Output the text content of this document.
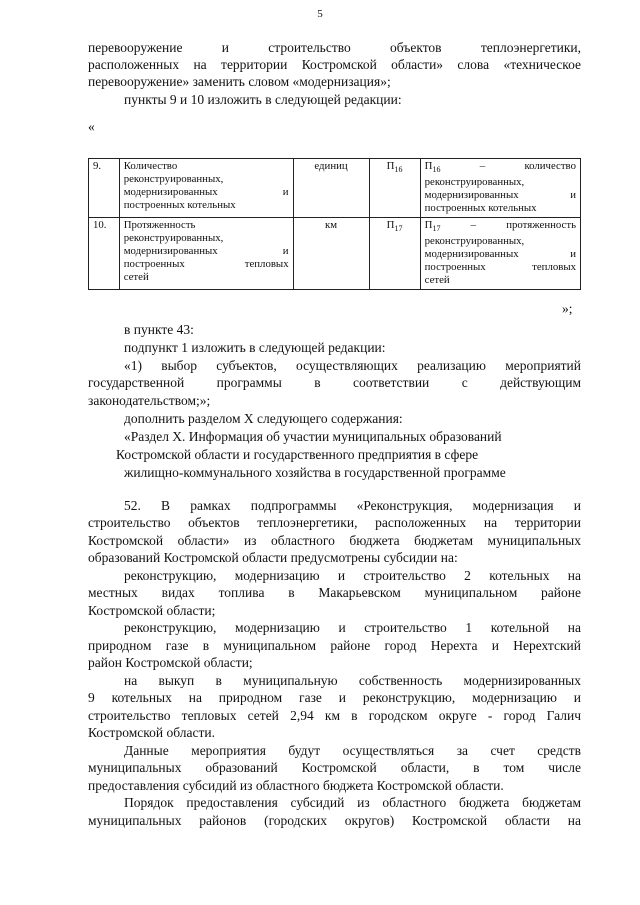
5
перевооружение и строительство объектов теплоэнергетики,
расположенных на территории Костромской области» слова «техническое
перевооружение» заменить словом «модернизация»;
пункты 9 и 10 изложить в следующей редакции:
«
9.	Количество
реконструированных,
модернизированных и
построенных котельных	единиц	$П_{16}$	$П_{16}$ – количество
реконструированных,
модернизированных и
построенных котельных

10.	Протяженность
реконструированных,
модернизированных и
построенных тепловых
сетей	км	$П_{17}$	$П_{17}$ – протяженность
реконструированных,
модернизированных и
построенных тепловых
сетей
»;
в пункте 43:
подпункт 1 изложить в следующей редакции:
«1) выбор субъектов, осуществляющих реализацию мероприятий
государственной программы в соответствии с действующим
законодательством;»;
дополнить разделом X следующего содержания:
«Раздел X. Информация об участии муниципальных образований
Костромской области и государственного предприятия в сфере
жилищно-коммунального хозяйства в государственной программе
52. В рамках подпрограммы «Реконструкция, модернизация и
строительство объектов теплоэнергетики, расположенных на территории
Костромской области» из областного бюджета бюджетам муниципальных
образований Костромской области предусмотрены субсидии на:
реконструкцию, модернизацию и строительство 2 котельных на
местных видах топлива в Макарьевском муниципальном районе
Костромской области;
реконструкцию, модернизацию и строительство 1 котельной на
природном газе в муниципальном районе город Нерехта и Нерехтский
район Костромской области;
на выкуп в муниципальную собственность модернизированных
9 котельных на природном газе и реконструкцию, модернизацию и
строительство тепловых сетей 2,94 км в городском округе - город Галич
Костромской области.
Данные мероприятия будут осуществляться за счет средств
муниципальных образований Костромской области, в том числе
предоставления субсидий из областного бюджета Костромской области.
Порядок предоставления субсидий из областного бюджета бюджетам
муниципальных районов (городских округов) Костромской области на
